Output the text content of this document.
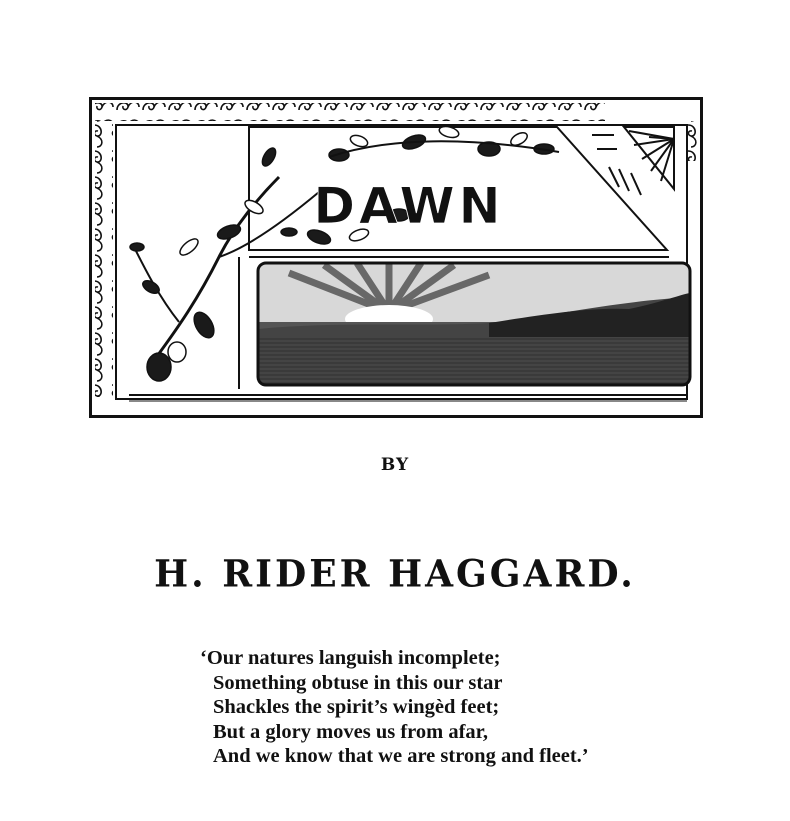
DAWN
BY
H. RIDER HAGGARD.
‘Our natures languish incomplete;
Something obtuse in this our star
Shackles the spirit’s wingèd feet;
But a glory moves us from afar,
And we know that we are strong and fleet.’
